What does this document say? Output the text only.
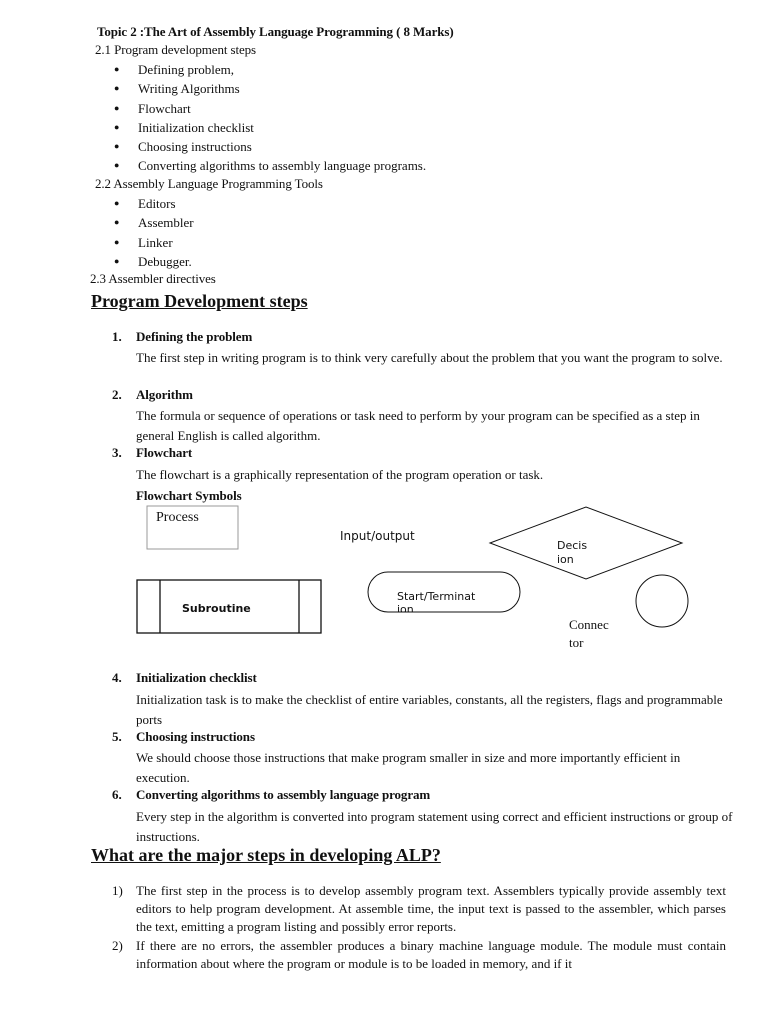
Topic 2 :The Art of Assembly Language Programming ( 8 Marks)
2.1 Program development steps
● Defining problem,
● Writing Algorithms
● Flowchart
● Initialization checklist
● Choosing instructions
● Converting algorithms to assembly language programs.
2.2 Assembly Language Programming Tools
● Editors
● Assembler
● Linker
● Debugger.
2.3 Assembler directives
Program Development steps
1. Defining the problem
The first step in writing program is to think very carefully about the problem that you want the program to solve.
2. Algorithm
The formula or sequence of operations or task need to perform by your program can be specified as a step in general English is called algorithm.
3. Flowchart
The flowchart is a graphically representation of the program operation or task.
Flowchart Symbols
Process
Input/output
Decis
ion
Subroutine
Start/Terminat
ion
Connec
tor
4. Initialization checklist
Initialization task is to make the checklist of entire variables, constants, all the registers, flags and programmable ports
5. Choosing instructions
We should choose those instructions that make program smaller in size and more importantly efficient in execution.
6. Converting algorithms to assembly language program
Every step in the algorithm is converted into program statement using correct and efficient instructions or group of instructions.
What are the major steps in developing ALP?
1) The first step in the process is to develop assembly program text. Assemblers typically provide assembly text editors to help program development. At assemble time, the input text is passed to the assembler, which parses the text, emitting a program listing and possibly error reports.
2) If there are no errors, the assembler produces a binary machine language module. The module must contain information about where the program or module is to be loaded in memory, and if it
